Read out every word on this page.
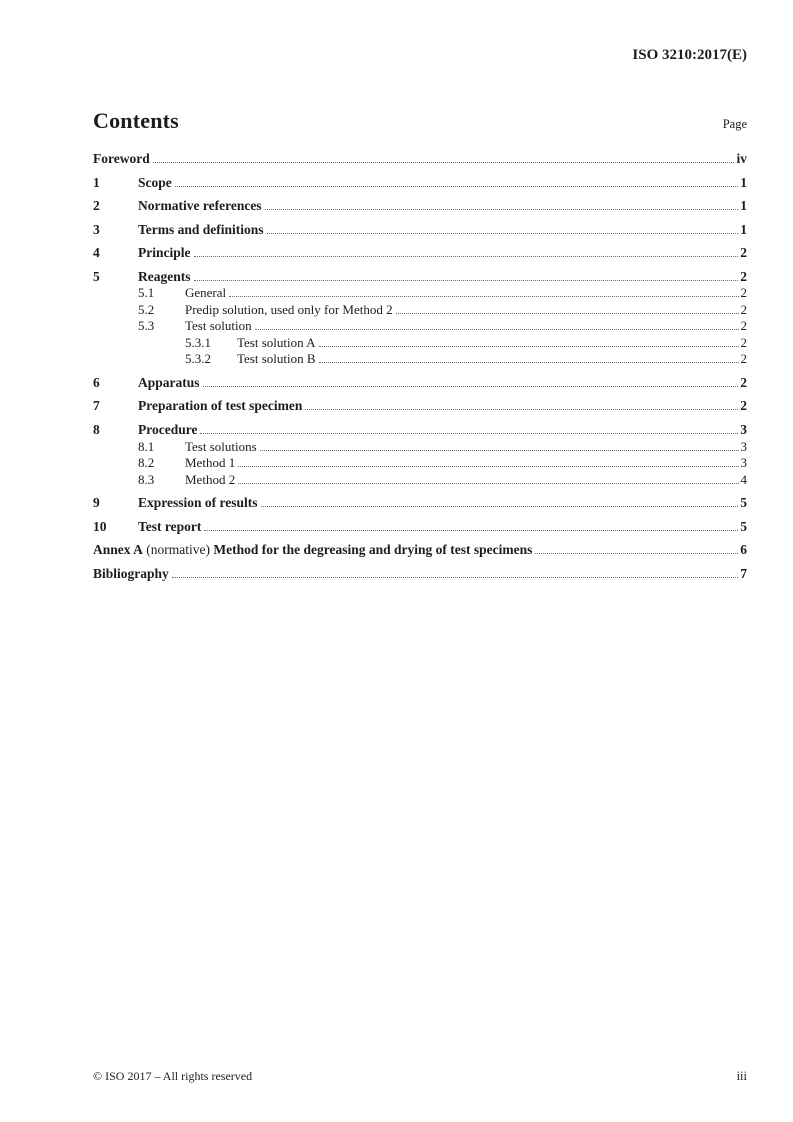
ISO 3210:2017(E)
Contents	Page
Foreword	iv
1	Scope	1
2	Normative references	1
3	Terms and definitions	1
4	Principle	2
5	Reagents	2
5.1	General	2
5.2	Predip solution, used only for Method 2	2
5.3	Test solution	2
5.3.1	Test solution A	2
5.3.2	Test solution B	2
6	Apparatus	2
7	Preparation of test specimen	2
8	Procedure	3
8.1	Test solutions	3
8.2	Method 1	3
8.3	Method 2	4
9	Expression of results	5
10	Test report	5
Annex A (normative) Method for the degreasing and drying of test specimens	6
Bibliography	7
© ISO 2017 – All rights reserved	iii
